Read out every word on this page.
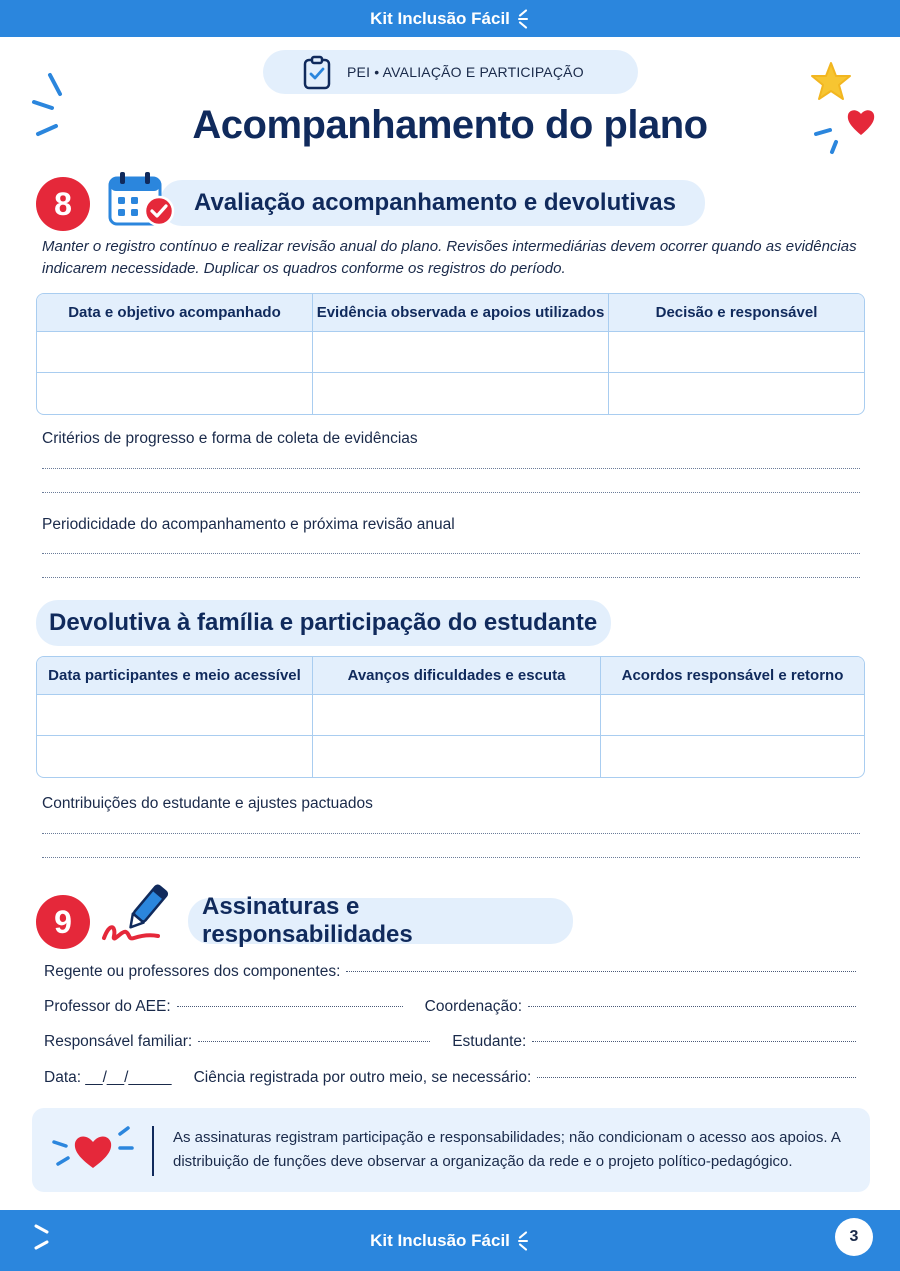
Kit Inclusão Fácil
PEI • AVALIAÇÃO E PARTICIPAÇÃO
Acompanhamento do plano
8	Avaliação acompanhamento e devolutivas

Manter o registro contínuo e realizar revisão anual do plano. Revisões intermediárias devem ocorrer quando as evidências indicarem necessidade. Duplicar os quadros conforme os registros do período.

Data e objetivo acompanhado	Evidência observada e apoios utilizados	Decisão e responsável

Critérios de progresso e forma de coleta de evidências
Periodicidade do acompanhamento e próxima revisão anual
Devolutiva à família e participação do estudante
Data participantes e meio acessível	Avanços dificuldades e escuta	Acordos responsável e retorno

Contribuições do estudante e ajustes pactuados
9	Assinaturas e responsabilidades
Regente ou professores dos componentes:
Professor do AEE:	Coordenação:
Responsável familiar:	Estudante:
Data: __/__/_____ Ciência registrada por outro meio, se necessário:

As assinaturas registram participação e responsabilidades; não condicionam o acesso aos apoios. A distribuição de funções deve observar a organização da rede e o projeto político-pedagógico.

Kit Inclusão Fácil	3
